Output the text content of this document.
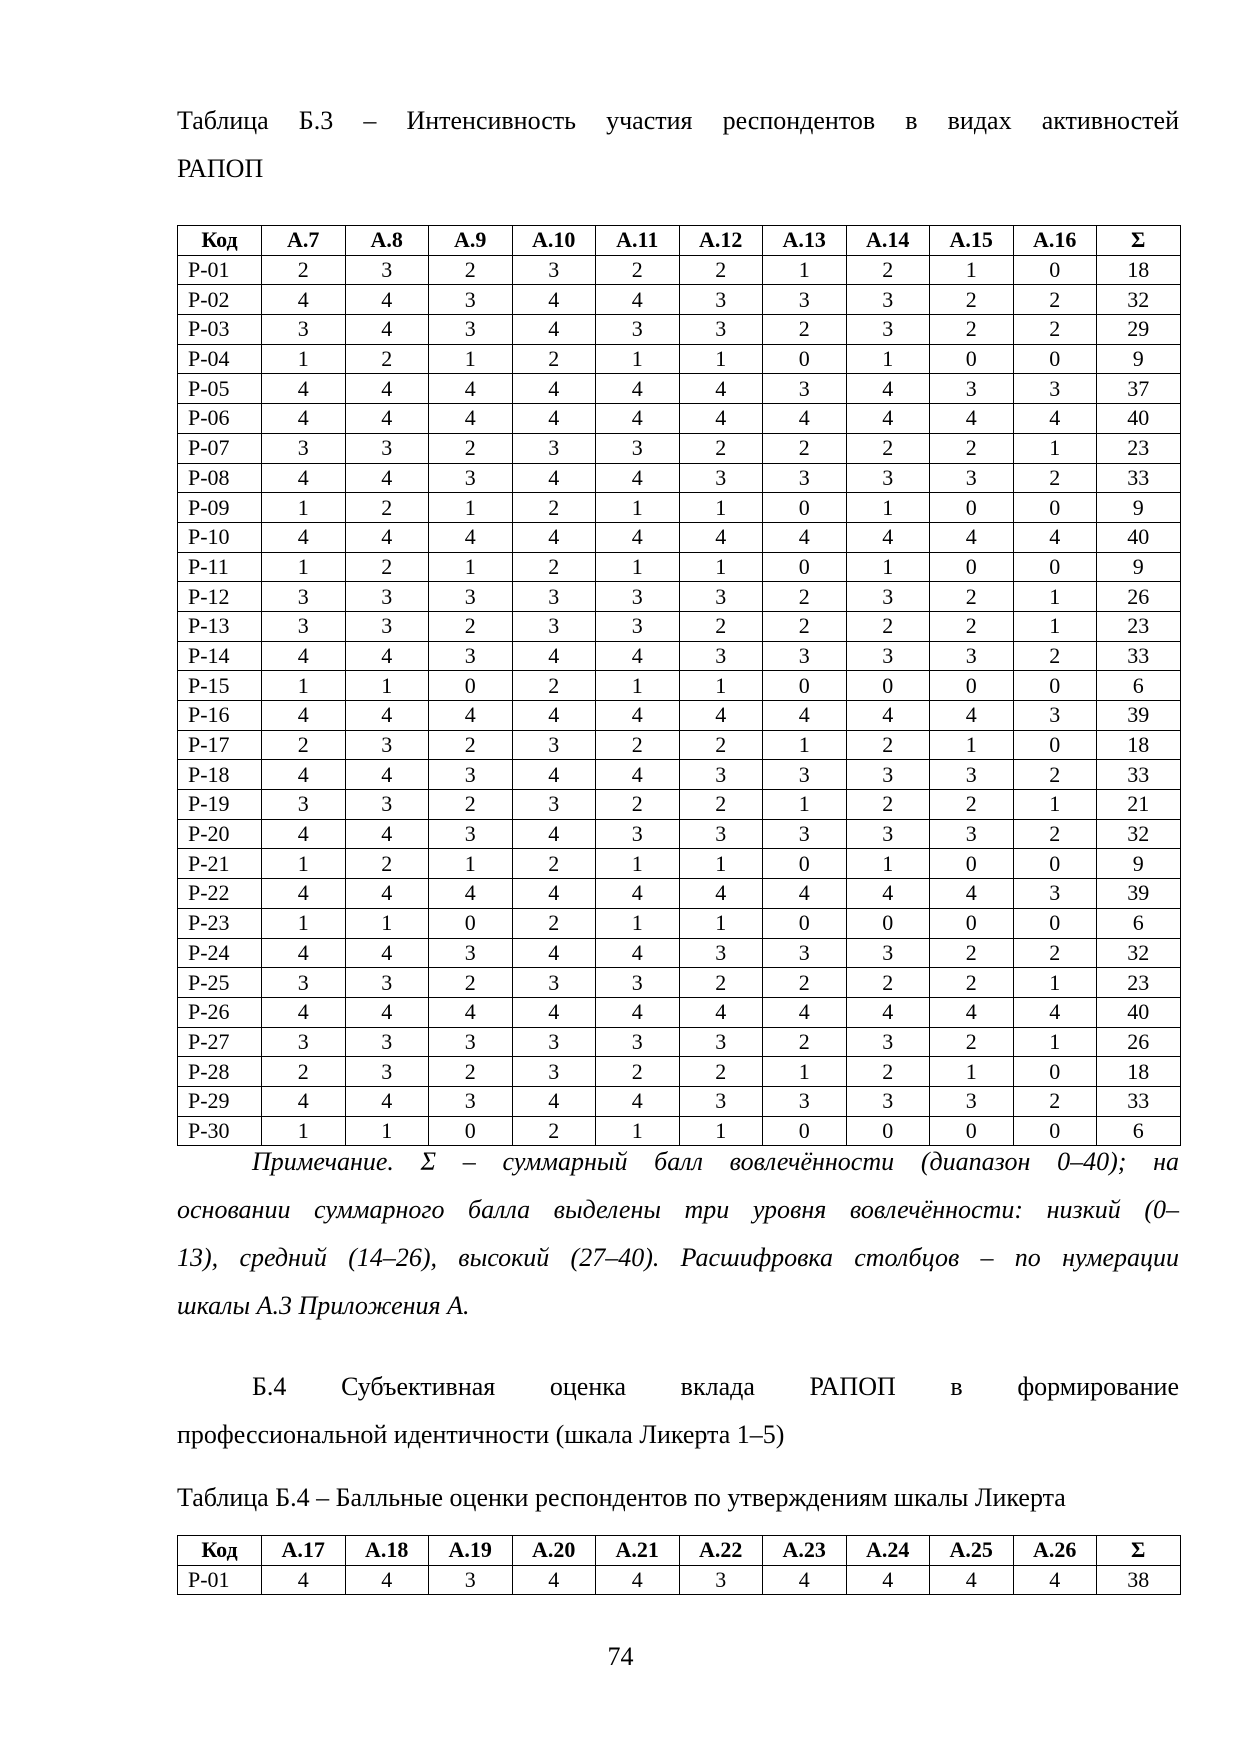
Таблица Б.3 – Интенсивность участия респондентов в видах активностей

РАПОП

Код	А.7	А.8	А.9	А.10	А.11	А.12	А.13	А.14	А.15	А.16	Σ
Р-01	2	3	2	3	2	2	1	2	1	0	18
Р-02	4	4	3	4	4	3	3	3	2	2	32
Р-03	3	4	3	4	3	3	2	3	2	2	29
Р-04	1	2	1	2	1	1	0	1	0	0	9
Р-05	4	4	4	4	4	4	3	4	3	3	37
Р-06	4	4	4	4	4	4	4	4	4	4	40
Р-07	3	3	2	3	3	2	2	2	2	1	23
Р-08	4	4	3	4	4	3	3	3	3	2	33
Р-09	1	2	1	2	1	1	0	1	0	0	9
Р-10	4	4	4	4	4	4	4	4	4	4	40
Р-11	1	2	1	2	1	1	0	1	0	0	9
Р-12	3	3	3	3	3	3	2	3	2	1	26
Р-13	3	3	2	3	3	2	2	2	2	1	23
Р-14	4	4	3	4	4	3	3	3	3	2	33
Р-15	1	1	0	2	1	1	0	0	0	0	6
Р-16	4	4	4	4	4	4	4	4	4	3	39
Р-17	2	3	2	3	2	2	1	2	1	0	18
Р-18	4	4	3	4	4	3	3	3	3	2	33
Р-19	3	3	2	3	2	2	1	2	2	1	21
Р-20	4	4	3	4	3	3	3	3	3	2	32
Р-21	1	2	1	2	1	1	0	1	0	0	9
Р-22	4	4	4	4	4	4	4	4	4	3	39
Р-23	1	1	0	2	1	1	0	0	0	0	6
Р-24	4	4	3	4	4	3	3	3	2	2	32
Р-25	3	3	2	3	3	2	2	2	2	1	23
Р-26	4	4	4	4	4	4	4	4	4	4	40
Р-27	3	3	3	3	3	3	2	3	2	1	26
Р-28	2	3	2	3	2	2	1	2	1	0	18
Р-29	4	4	3	4	4	3	3	3	3	2	33
Р-30	1	1	0	2	1	1	0	0	0	0	6

Примечание. Σ – суммарный балл вовлечённости (диапазон 0–40); на

основании суммарного балла выделены три уровня вовлечённости: низкий (0–

13), средний (14–26), высокий (27–40). Расшифровка столбцов – по нумерации

шкалы А.3 Приложения А.

Б.4 Субъективная оценка вклада РАПОП в формирование

профессиональной идентичности (шкала Ликерта 1–5)

Таблица Б.4 – Балльные оценки респондентов по утверждениям шкалы Ликерта

Код	А.17	А.18	А.19	А.20	А.21	А.22	А.23	А.24	А.25	А.26	Σ
Р-01	4	4	3	4	4	3	4	4	4	4	38
74
